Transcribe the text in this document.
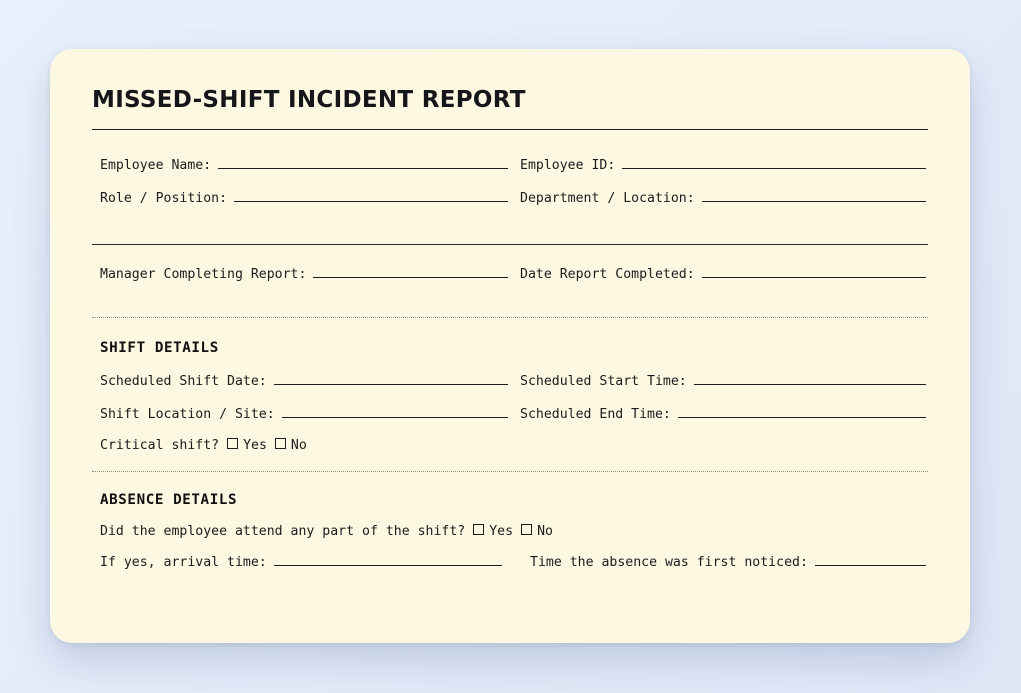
MISSED-SHIFT INCIDENT REPORT
Employee Name:
Role / Position:
Employee ID:
Department / Location:
Manager Completing Report:	Date Report Completed:
SHIFT DETAILS
Scheduled Shift Date:
Shift Location / Site:
Scheduled Start Time:
Scheduled End Time:
Critical shift? Yes No
ABSENCE DETAILS
Did the employee attend any part of the shift? Yes No
If yes, arrival time:	Time the absence was first noticed:
